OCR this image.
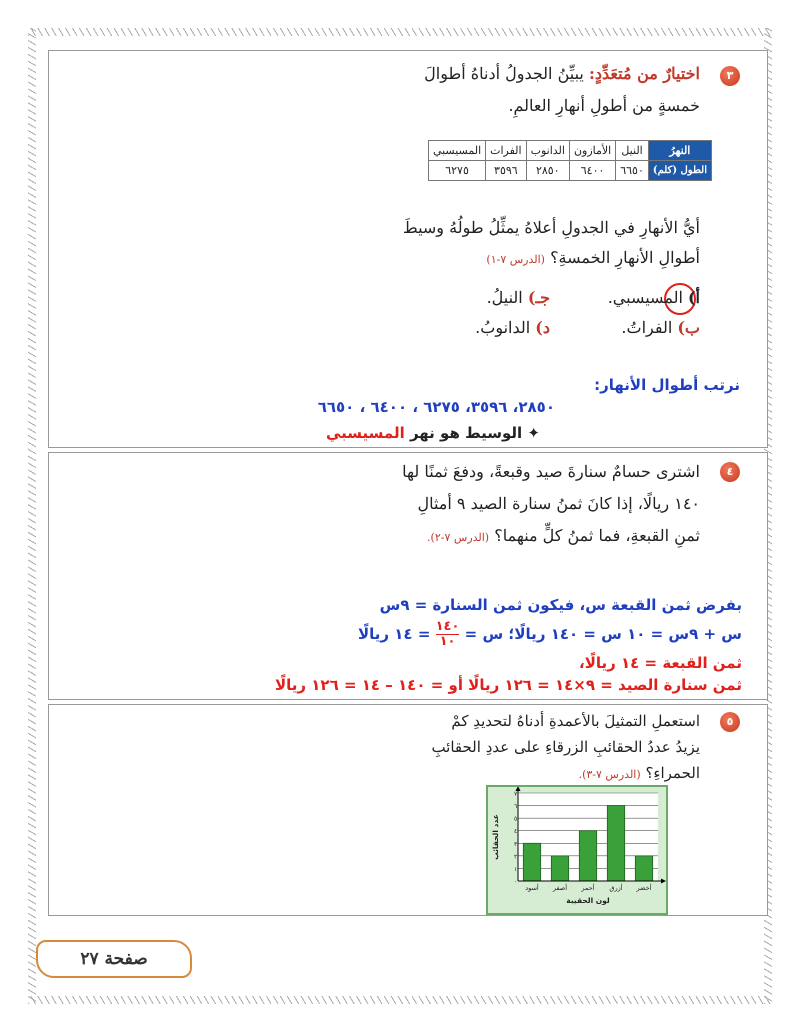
٣
اختيارٌ من مُتعَدِّدٍ: يبيِّنُ الجدولُ أدناهُ أطوالَ
خمسةٍ من أطولِ أنهارِ العالمِ.
النهرُ	النيل	الأمازون	الدانوب	الفرات	المسيسبي
الطول (كلم)	٦٦٥٠	٦٤٠٠	٢٨٥٠	٣٥٩٦	٦٢٧٥
أيُّ الأنهارِ في الجدولِ أعلاهُ يمثِّلُ طولُهُ وسيطَ
أطوالِ الأنهارِ الخمسةِ؟ (الدرس ٧-١)
أ) المسيسبي.
جـ) النيلُ.
ب) الفراتُ.
د) الدانوبُ.
نرتب أطوال الأنهار:
٢٨٥٠، ٣٥٩٦، ٦٢٧٥ ، ٦٤٠٠ ، ٦٦٥٠
✦ الوسيط هو نهر المسيسبي
٤
اشترى حسامٌ سنارةَ صيد وقبعةً، ودفعَ ثمنًا لها
١٤٠ ريالًا، إذا كانَ ثمنُ سنارة الصيد ٩ أمثالِ
ثمنِ القبعةِ، فما ثمنُ كلٍّ منهما؟ (الدرس ٧-٢).
بفرض ثمن القبعة س، فيكون ثمن السنارة = ٩س
س + ٩س = ١٠ س = ١٤٠ ريالًا؛ س =
١٤٠
١٠
= ١٤ ريالًا
ثمن القبعة = ١٤ ريالًا،
ثمن سنارة الصيد = ٩×١٤ = ١٢٦ ريالًا أو = ١٤٠ – ١٤ = ١٢٦ ريالًا
٥
استعملِ التمثيلَ بالأعمدةِ أدناهُ لتحديدِ كمْ
يزيدُ عددُ الحقائبِ الزرقاءِ على عددِ الحقائبِ
الحمراءِ؟ (الدرس ٧-٣).
٠
١
٢
٣
٤
٥
٦
٧
أخضر
أزرق
أحمر
أصفر
أسود
لون الحقيبة
عدد الحقائب
صفحة ٢٧
